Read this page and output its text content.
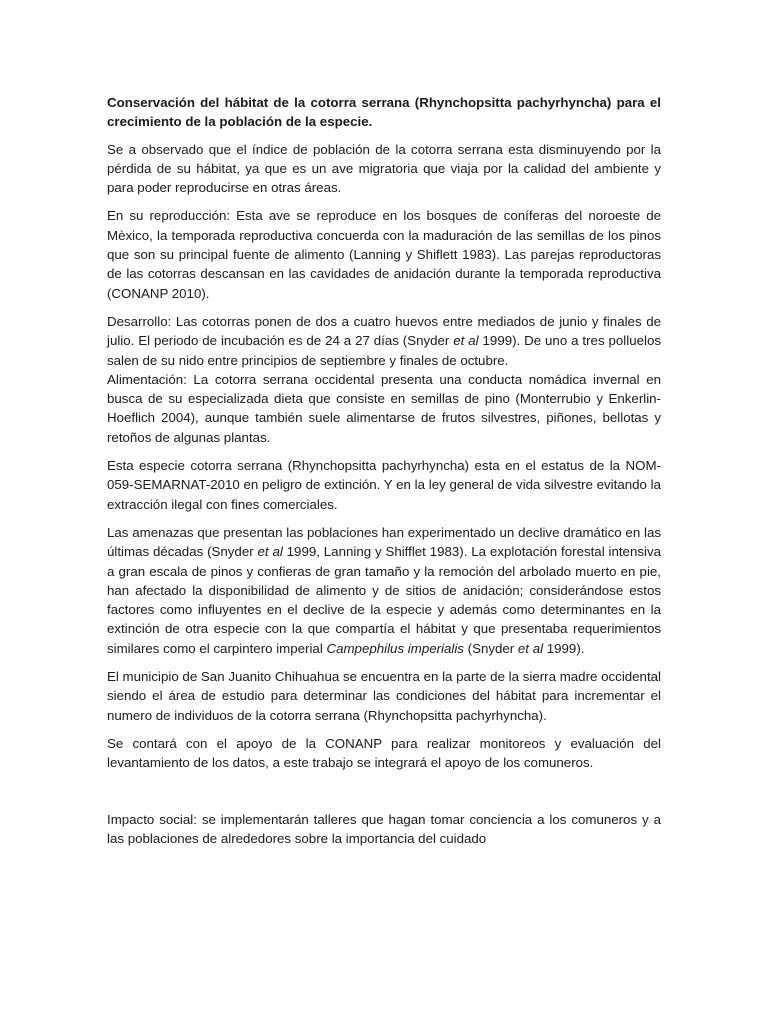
Conservación del hábitat de la cotorra serrana (Rhynchopsitta pachyrhyncha) para el crecimiento de la población de la especie.

Se a observado que el índice de población de la cotorra serrana esta disminuyendo por la pérdida de su hábitat, ya que es un ave migratoria que viaja por la calidad del ambiente y para poder reproducirse en otras áreas.

En su reproducción: Esta ave se reproduce en los bosques de coníferas del noroeste de Mèxico, la temporada reproductiva concuerda con la maduración de las semillas de los pinos que son su principal fuente de alimento (Lanning y Shiflett 1983). Las parejas reproductoras de las cotorras descansan en las cavidades de anidación durante la temporada reproductiva (CONANP 2010).

Desarrollo: Las cotorras ponen de dos a cuatro huevos entre mediados de junio y finales de julio. El periodo de incubación es de 24 a 27 días (Snyder et al 1999). De uno a tres polluelos salen de su nido entre principios de septiembre y finales de octubre.

Alimentación: La cotorra serrana occidental presenta una conducta nomádica invernal en busca de su especializada dieta que consiste en semillas de pino (Monterrubio y Enkerlin-Hoeflich 2004), aunque también suele alimentarse de frutos silvestres, piñones, bellotas y retoños de algunas plantas.

Esta especie cotorra serrana (Rhynchopsitta pachyrhyncha) esta en el estatus de la NOM-059-SEMARNAT-2010 en peligro de extinción. Y en la ley general de vida silvestre evitando la extracción ilegal con fines comerciales.

Las amenazas que presentan las poblaciones han experimentado un declive dramático en las últimas décadas (Snyder et al 1999, Lanning y Shifflet 1983). La explotación forestal intensiva a gran escala de pinos y confieras de gran tamaño y la remoción del arbolado muerto en pie, han afectado la disponibilidad de alimento y de sitios de anidación; considerándose estos factores como influyentes en el declive de la especie y además como determinantes en la extinción de otra especie con la que compartía el hábitat y que presentaba requerimientos similares como el carpintero imperial Campephilus imperialis (Snyder et al 1999).

El municipio de San Juanito Chihuahua se encuentra en la parte de la sierra madre occidental siendo el área de estudio para determinar las condiciones del hábitat para incrementar el numero de individuos de la cotorra serrana (Rhynchopsitta pachyrhyncha).

Se contará con el apoyo de la CONANP para realizar monitoreos y evaluación del levantamiento de los datos, a este trabajo se integrará el apoyo de los comuneros.

Impacto social: se implementarán talleres que hagan tomar conciencia a los comuneros y a las poblaciones de alrededores sobre la importancia del cuidado
